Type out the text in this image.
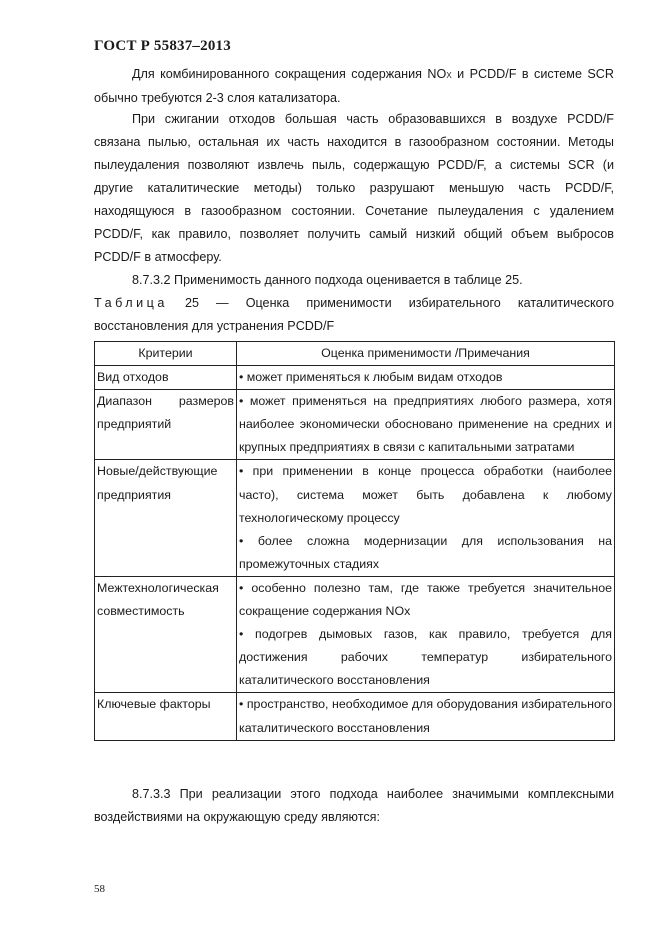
ГОСТ Р 55837–2013

Для комбинированного сокращения содержания NOX и PCDD/F в системе SCR обычно требуются 2-3 слоя катализатора.

При сжигании отходов большая часть образовавшихся в воздухе PCDD/F связана пылью, остальная их часть находится в газообразном состоянии. Методы пылеудаления позволяют извлечь пыль, содержащую PCDD/F, а системы SCR (и другие каталитические методы) только разрушают меньшую часть PCDD/F, находящуюся в газообразном состоянии. Сочетание пылеудаления с удалением PCDD/F, как правило, позволяет получить самый низкий общий объем выбросов PCDD/F в атмосферу.

8.7.3.2 Применимость данного подхода оценивается в таблице 25.

Таблица 25 — Оценка применимости избирательного каталитического восстановления для устранения PCDD/F

Критерии	Оценка применимости /Примечания
Вид отходов	• может применяться к любым видам отходов

Диапазон размеров предприятий	• может применяться на предприятиях любого размера, хотя наиболее экономически обосновано применение на средних и крупных предприятиях в связи с капитальными затратами

Новые/действующие предприятия	• при применении в конце процесса обработки (наиболее часто), система может быть добавлена к любому технологическому процессу
• более сложна модернизации для использования на промежуточных стадиях

Межтехнологическая совместимость	• особенно полезно там, где также требуется значительное сокращение содержания NOx
• подогрев дымовых газов, как правило, требуется для достижения рабочих температур избирательного каталитического восстановления

Ключевые факторы	• пространство, необходимое для оборудования избирательного каталитического восстановления

8.7.3.3 При реализации этого подхода наиболее значимыми комплексными воздействиями на окружающую среду являются:

58
